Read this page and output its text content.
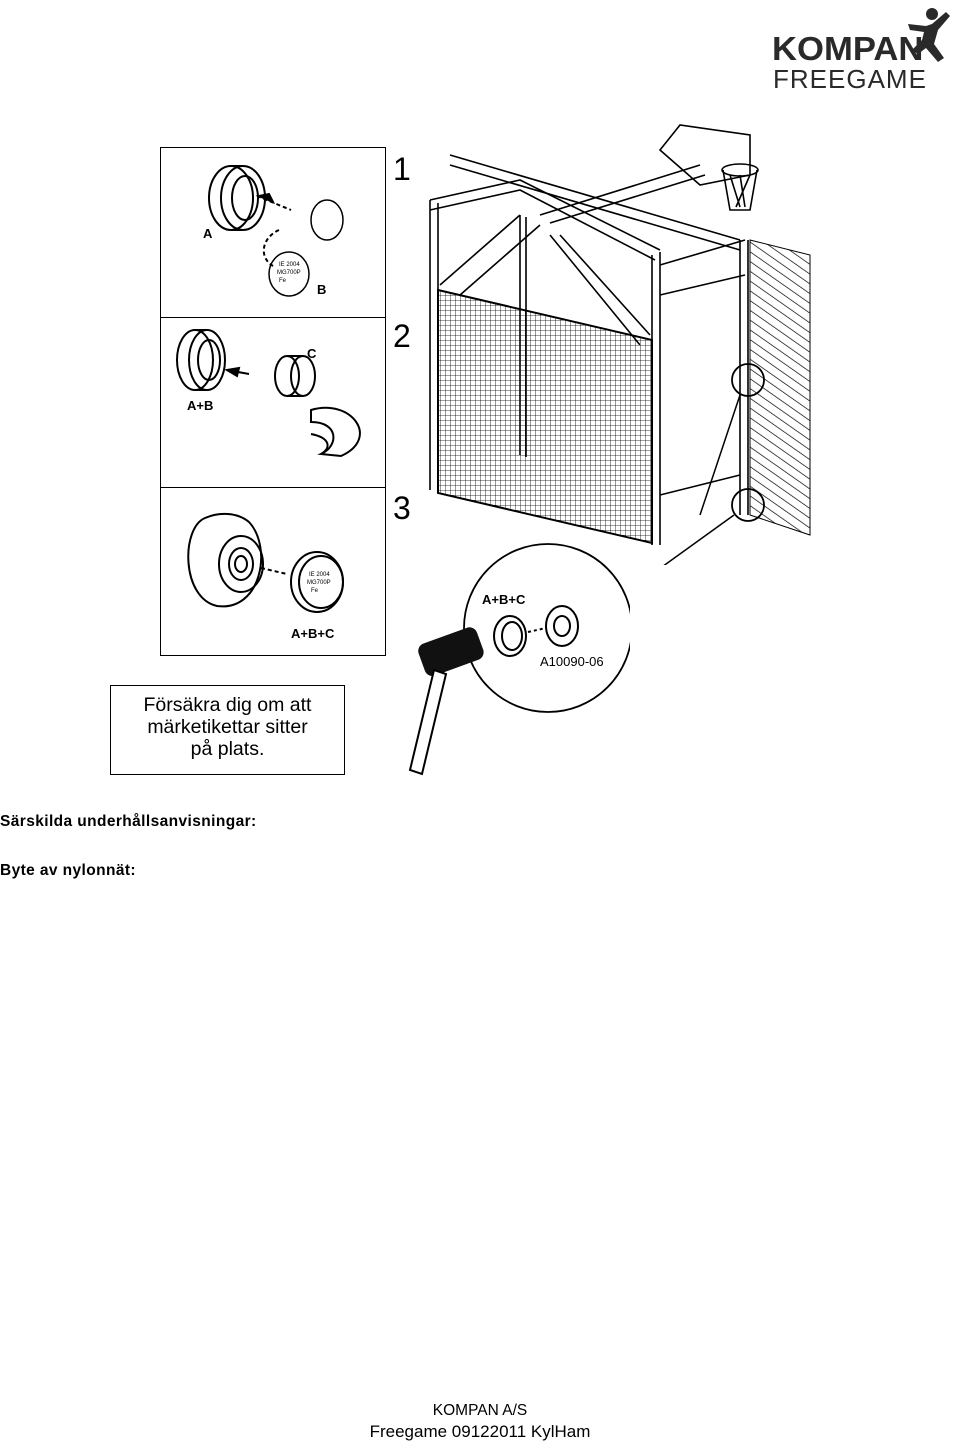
KOMPAN
FREEGAME
IE 2004
MG700P
Fe
A
B
C
A+B
IE 2004
MG700P
Fe
A+B+C
1
2
3
A+B+C
A10090-06
Försäkra dig om att
märketikettar sitter
på plats.
Särskilda underhållsanvisningar:
Byte av nylonnät:
KOMPAN A/S
Freegame 09122011 KylHam
